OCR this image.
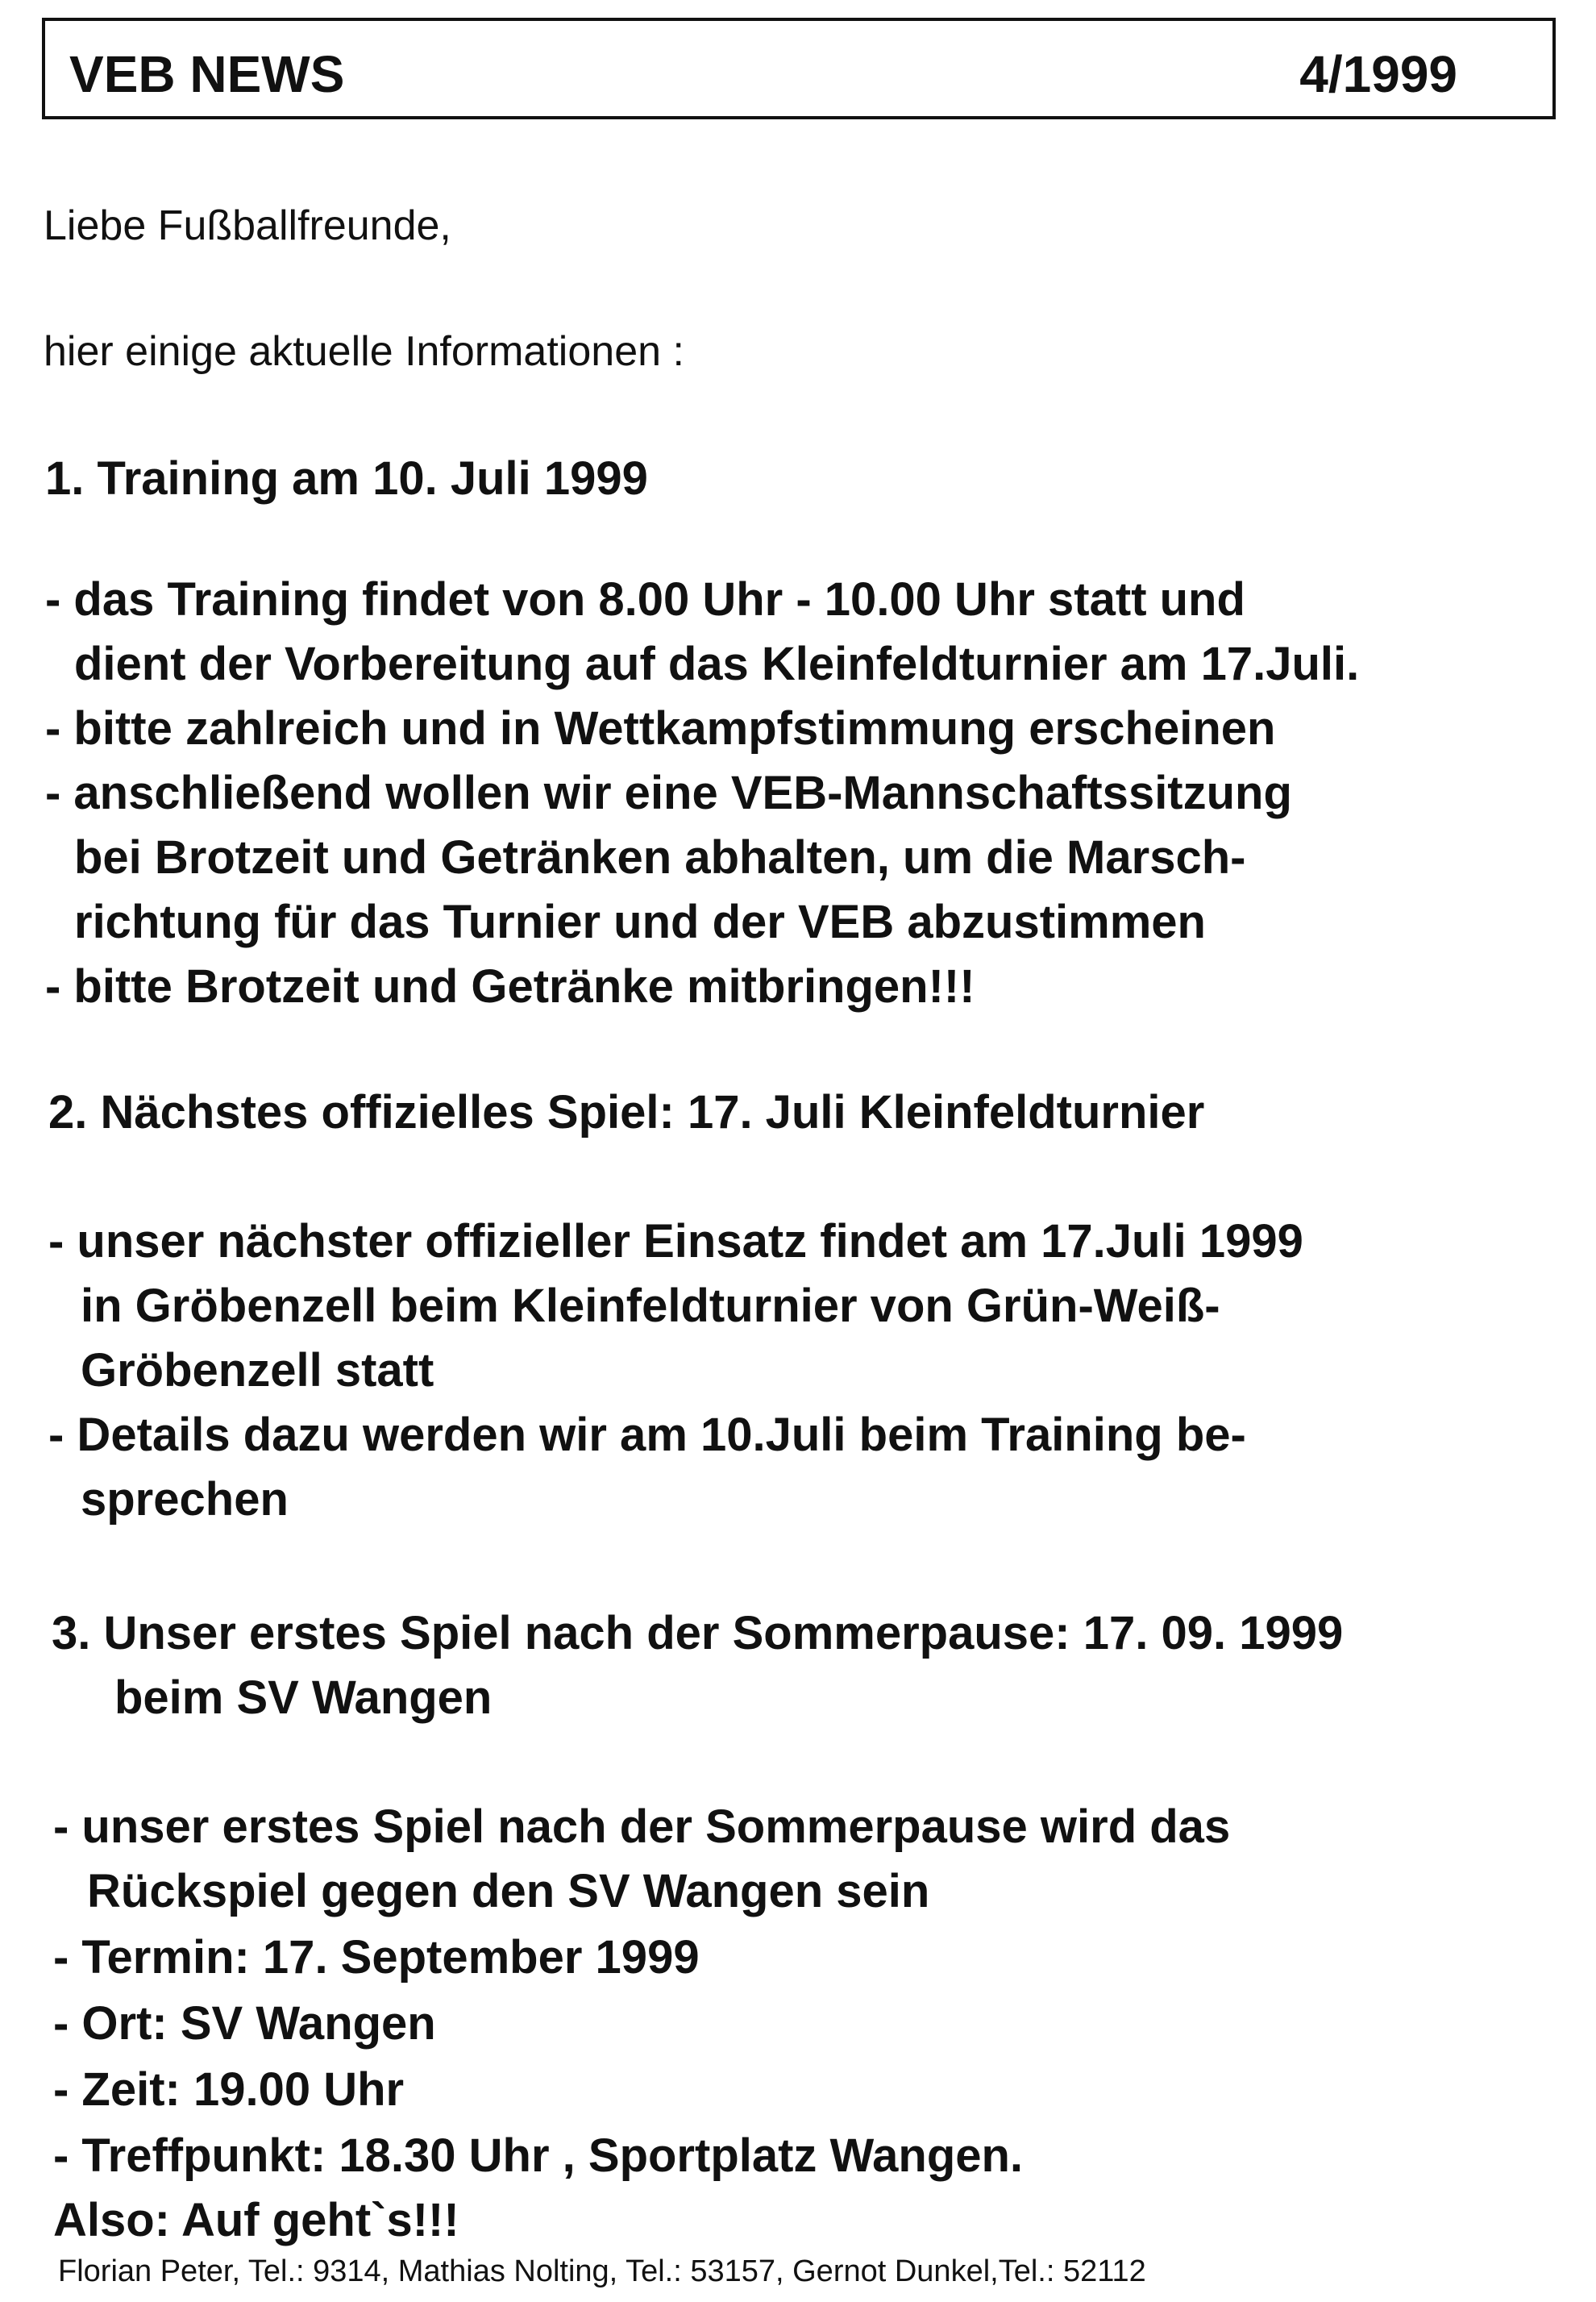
VEB NEWS	4/1999
Liebe Fußballfreunde,
hier einige aktuelle Informationen :
1. Training am 10. Juli 1999
- das Training findet von 8.00 Uhr - 10.00 Uhr statt und
dient der Vorbereitung auf das Kleinfeldturnier am 17.Juli.
- bitte zahlreich und in Wettkampfstimmung erscheinen
- anschließend wollen wir eine VEB-Mannschaftssitzung
bei Brotzeit und Getränken abhalten, um die Marsch-
richtung für das Turnier und der VEB abzustimmen
- bitte Brotzeit und Getränke mitbringen!!!
2. Nächstes offizielles Spiel: 17. Juli Kleinfeldturnier
- unser nächster offizieller Einsatz findet am 17.Juli 1999
in Gröbenzell beim Kleinfeldturnier von Grün-Weiß-
Gröbenzell statt
- Details dazu werden wir am 10.Juli beim Training be-
sprechen
3. Unser erstes Spiel nach der Sommerpause: 17. 09. 1999
beim SV Wangen
- unser erstes Spiel nach der Sommerpause wird das
Rückspiel gegen den SV Wangen sein
- Termin: 17. September 1999
- Ort: SV Wangen
- Zeit: 19.00 Uhr
- Treffpunkt: 18.30 Uhr , Sportplatz Wangen.
Also: Auf geht`s!!!
Florian Peter, Tel.: 9314, Mathias Nolting, Tel.: 53157, Gernot Dunkel,Tel.: 52112
